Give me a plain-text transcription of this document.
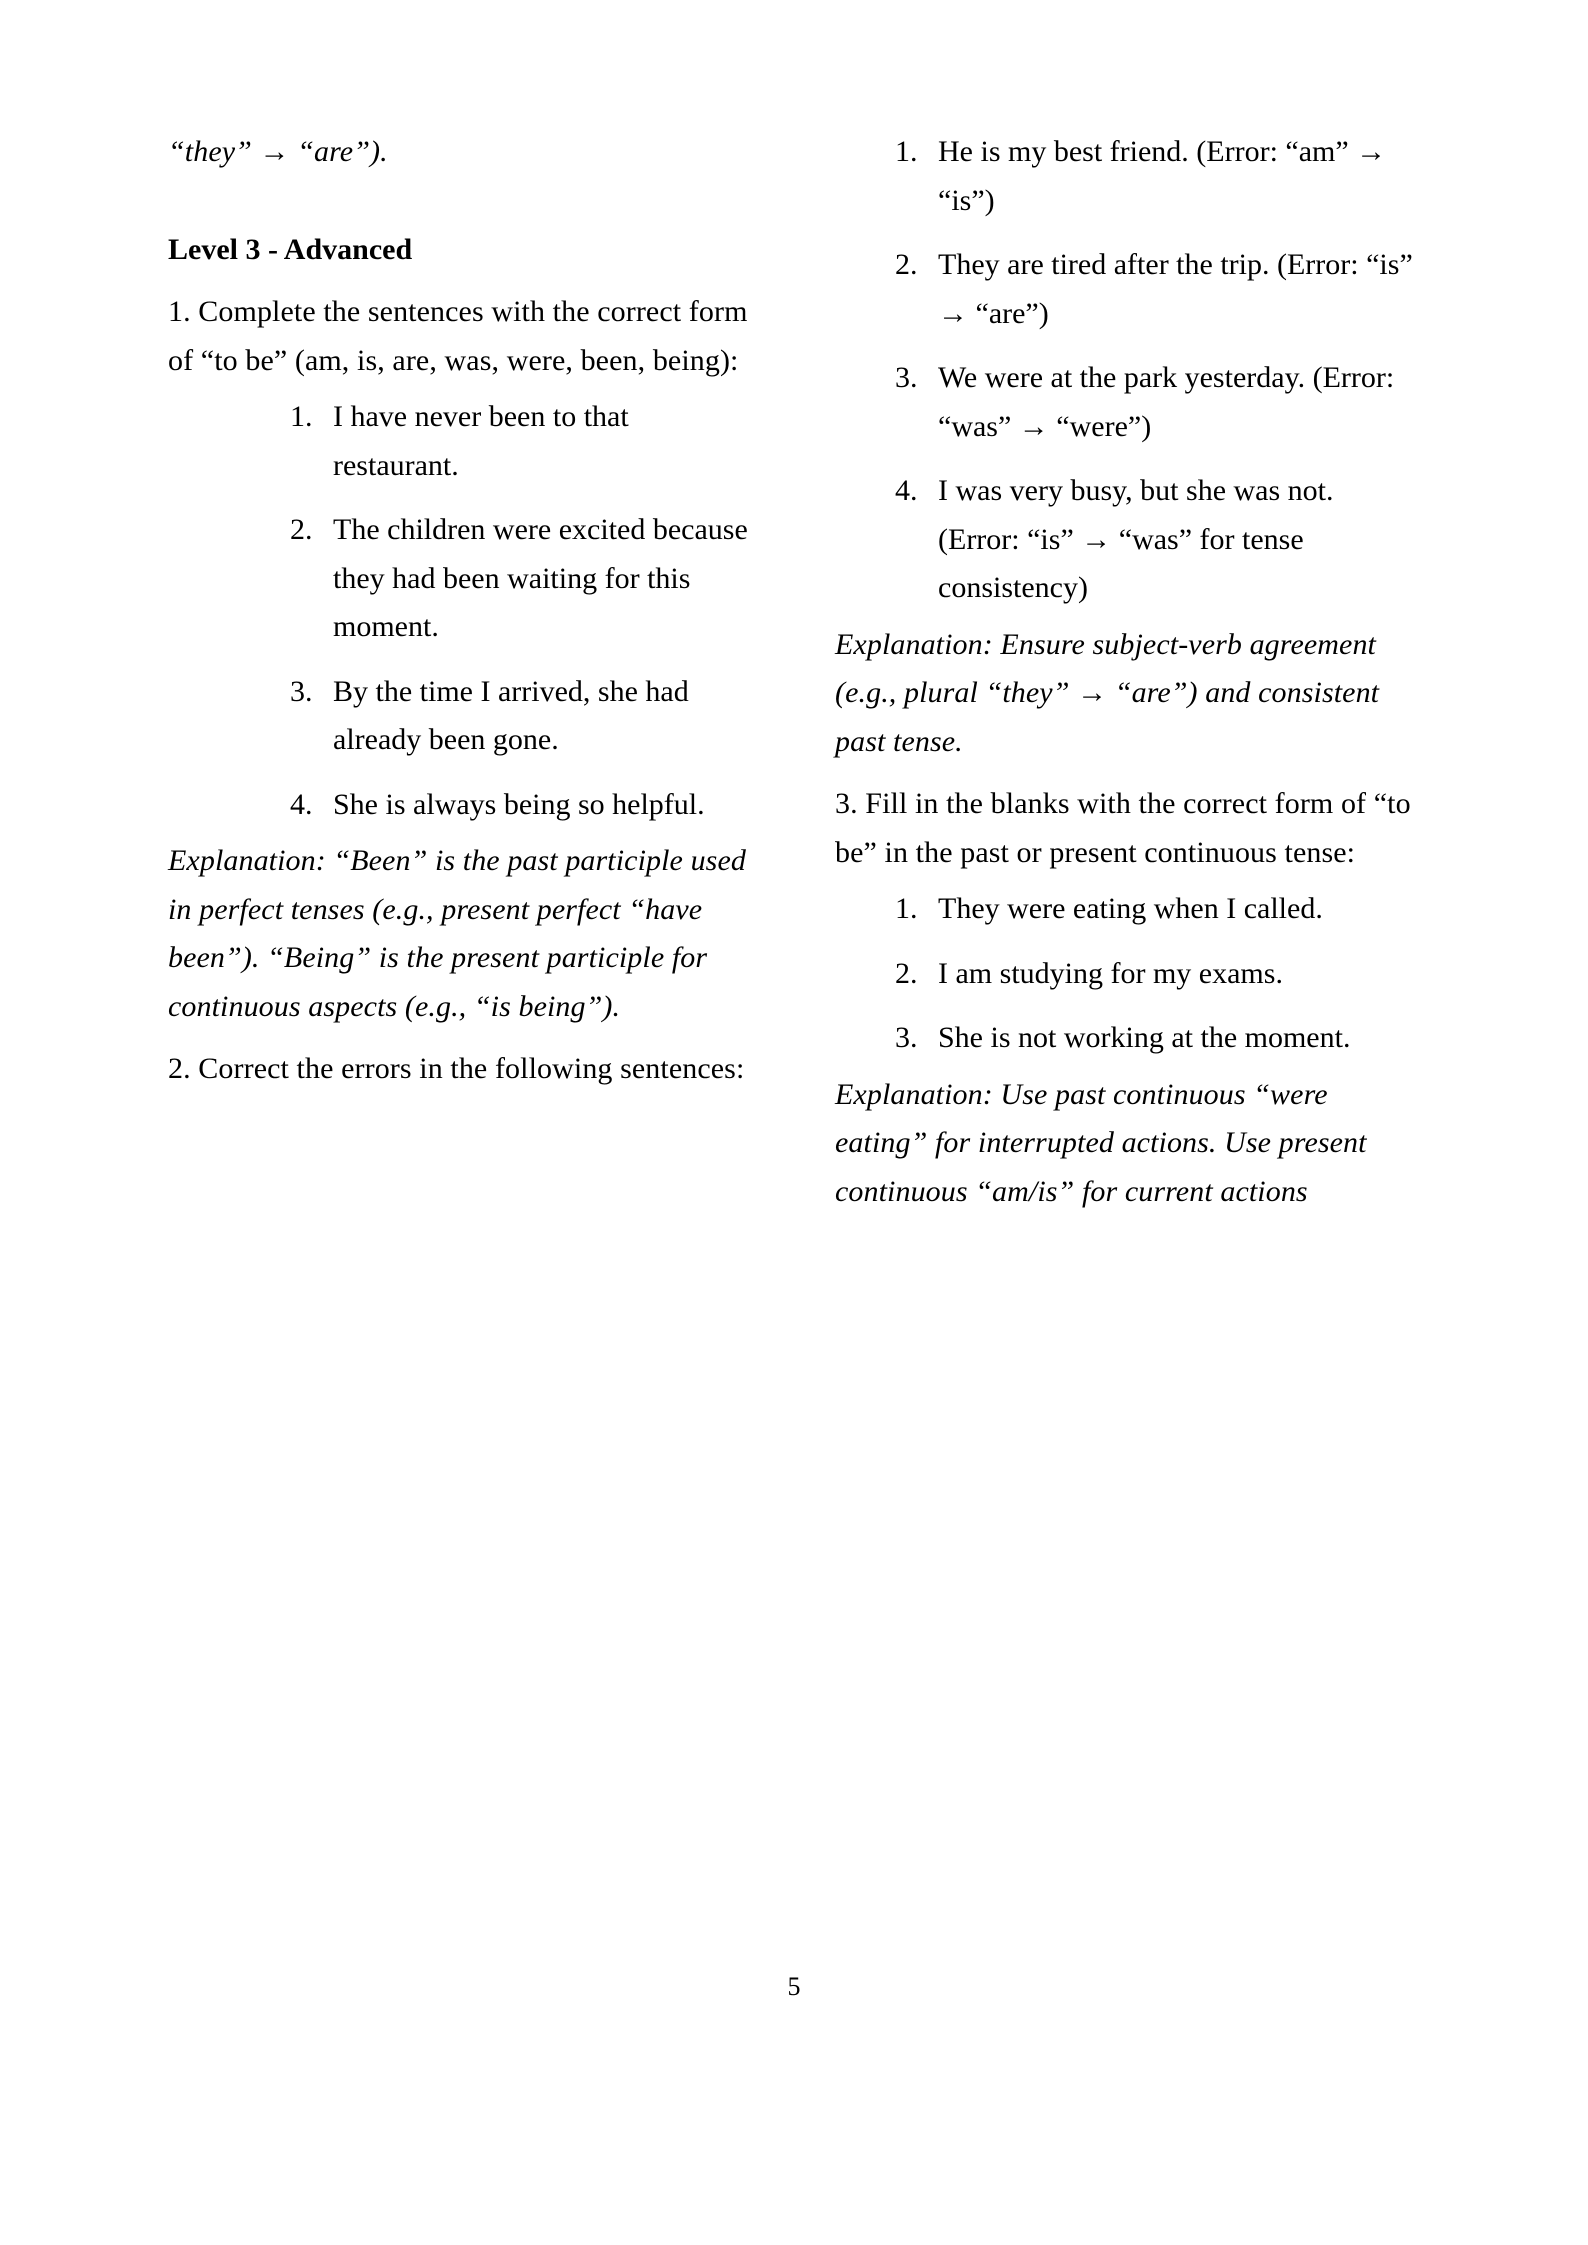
“they” → “are”).

Level 3 - Advanced

1. Complete the sentences with the correct form of “to be” (am, is, are, was, were, been, being):

1. I have never been to that restaurant.
2. The children were excited because they had been waiting for this moment.
3. By the time I arrived, she had already been gone.
4. She is always being so helpful.

Explanation: “Been” is the past participle used in perfect tenses (e.g., present perfect “have been”). “Being” is the present participle for continuous aspects (e.g., “is being”).

2. Correct the errors in the following sentences:

1. He is my best friend. (Error: “am” → “is”)
2. They are tired after the trip. (Error: “is” → “are”)
3. We were at the park yesterday. (Error: “was” → “were”)
4. I was very busy, but she was not. (Error: “is” → “was” for tense consistency)

Explanation: Ensure subject-verb agreement (e.g., plural “they” → “are”) and consistent past tense.

3. Fill in the blanks with the correct form of “to be” in the past or present continuous tense:

1. They were eating when I called.
2. I am studying for my exams.
3. She is not working at the moment.

Explanation: Use past continuous “were eating” for interrupted actions. Use present continuous “am/is” for current actions

5
